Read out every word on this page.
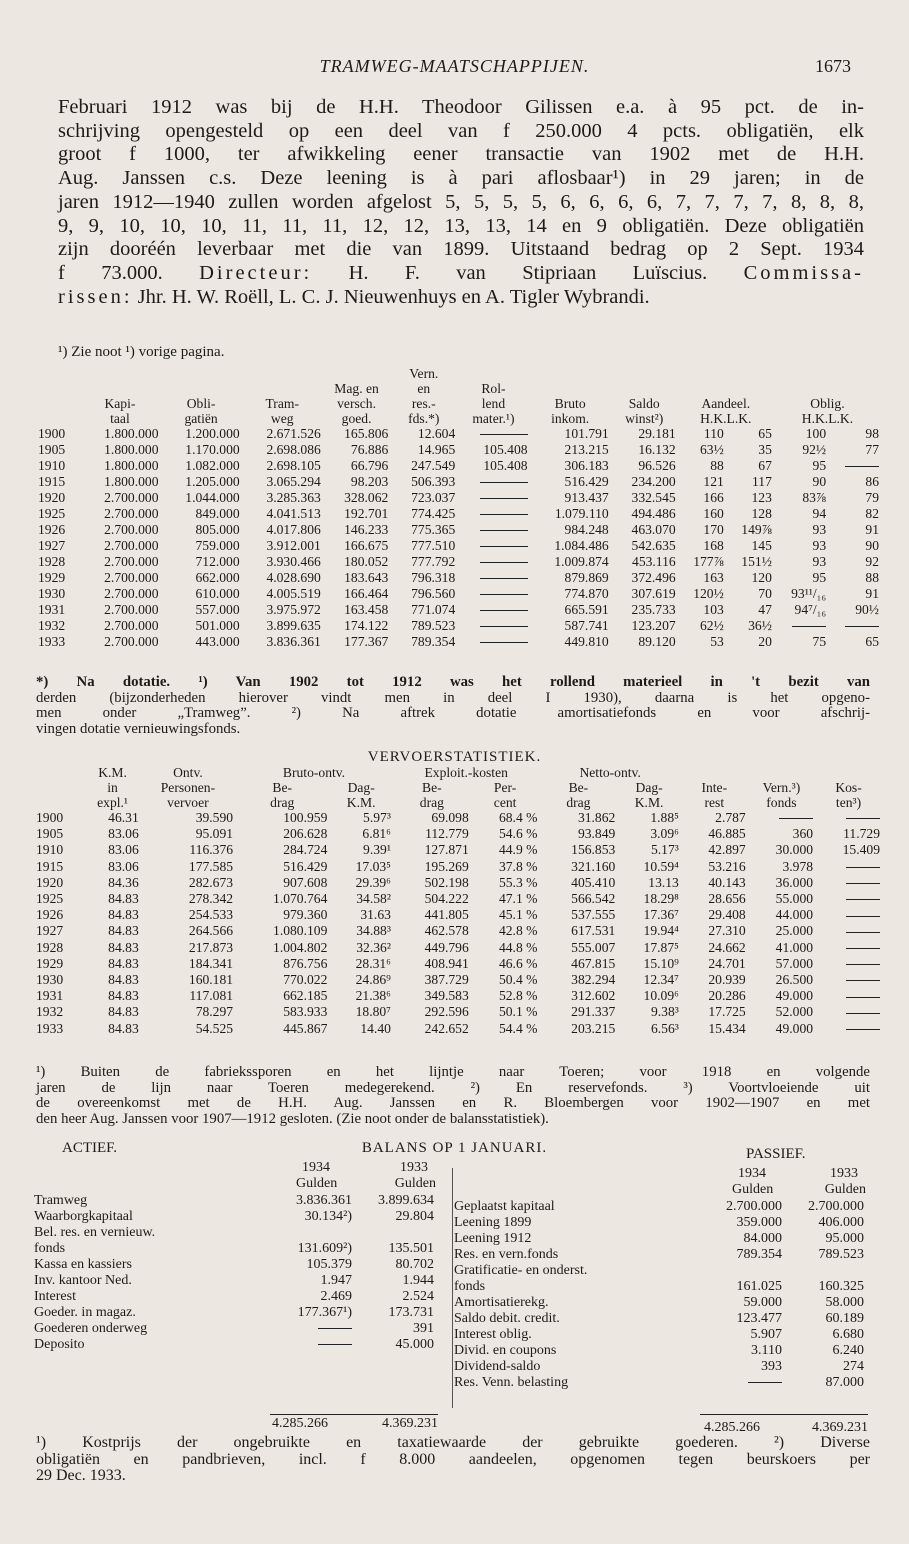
TRAMWEG-MAATSCHAPPIJEN.	1673
Februari 1912 was bij de H.H. Theodoor Gilissen e.a. à 95 pct. de in-
schrijving opengesteld op een deel van f 250.000 4 pcts. obligatiën, elk
groot f 1000, ter afwikkeling eener transactie van 1902 met de H.H.
Aug. Janssen c.s. Deze leening is à pari aflosbaar¹) in 29 jaren; in de
jaren 1912—1940 zullen worden afgelost 5, 5, 5, 5, 6, 6, 6, 6, 7, 7, 7, 7, 8, 8, 8,
9, 9, 10, 10, 10, 11, 11, 11, 12, 12, 13, 13, 14 en 9 obligatiën. Deze obligatiën
zijn dooréén leverbaar met die van 1899. Uitstaand bedrag op 2 Sept. 1934
f 73.000. Directeur: H. F. van Stipriaan Luïscius. Commissa-
rissen: Jhr. H. W. Roëll, L. C. J. Nieuwenhuys en A. Tigler Wybrandi.
¹) Zie noot ¹) vorige pagina.
					Vern.							
				Mag. en	en	Rol-						
	Kapi-	Obli-	Tram-	versch.	res.-	lend	Bruto	Saldo	Aandeel.		Oblig.	
	taal	gatiën	weg	goed.	fds.*)	mater.¹)	inkom.	winst²)	H.K.L.K.		H.K.L.K.	
1900	1.800.000	1.200.000	2.671.526	165.806	12.604		101.791	29.181	110	65	100	98
1905	1.800.000	1.170.000	2.698.086	76.886	14.965	105.408	213.215	16.132	63½	35	92½	77
1910	1.800.000	1.082.000	2.698.105	66.796	247.549	105.408	306.183	96.526	88	67	95	
1915	1.800.000	1.205.000	3.065.294	98.203	506.393		516.429	234.200	121	117	90	86
1920	2.700.000	1.044.000	3.285.363	328.062	723.037		913.437	332.545	166	123	83⅞	79
1925	2.700.000	849.000	4.041.513	192.701	774.425		1.079.110	494.486	160	128	94	82
1926	2.700.000	805.000	4.017.806	146.233	775.365		984.248	463.070	170	149⅞	93	91
1927	2.700.000	759.000	3.912.001	166.675	777.510		1.084.486	542.635	168	145	93	90
1928	2.700.000	712.000	3.930.466	180.052	777.792		1.009.874	453.116	177⅞	151½	93	92
1929	2.700.000	662.000	4.028.690	183.643	796.318		879.869	372.496	163	120	95	88
1930	2.700.000	610.000	4.005.519	166.464	796.560		774.870	307.619	120½	70	93¹¹/₁₆	91
1931	2.700.000	557.000	3.975.972	163.458	771.074		665.591	235.733	103	47	94⁷/₁₆	90½
1932	2.700.000	501.000	3.899.635	174.122	789.523		587.741	123.207	62½	36½		
1933	2.700.000	443.000	3.836.361	177.367	789.354		449.810	89.120	53	20	75	65
*) Na dotatie. ¹) Van 1902 tot 1912 was het rollend materieel in 't bezit van
derden (bijzonderheden hierover vindt men in deel I 1930), daarna is het opgeno-
men onder „Tramweg”. ²) Na aftrek dotatie amortisatiefonds en voor afschrij-
vingen dotatie vernieuwingsfonds.
VERVOERSTATISTIEK.
	K.M.	Ontv.	Bruto-ontv.		Exploit.-kosten		Netto-ontv.				
	in	Personen-	Be-	Dag-	Be-	Per-	Be-	Dag-	Inte-	Vern.³)	Kos-
	expl.¹	vervoer	drag	K.M.	drag	cent	drag	K.M.	rest	fonds	ten³)
1900	46.31	39.590	100.959	5.97³	69.098	68.4 %	31.862	1.88⁵	2.787		
1905	83.06	95.091	206.628	6.81⁶	112.779	54.6 %	93.849	3.09⁶	46.885	360	11.729
1910	83.06	116.376	284.724	9.39¹	127.871	44.9 %	156.853	5.17³	42.897	30.000	15.409
1915	83.06	177.585	516.429	17.03⁵	195.269	37.8 %	321.160	10.59⁴	53.216	3.978	
1920	84.36	282.673	907.608	29.39⁶	502.198	55.3 %	405.410	13.13	40.143	36.000	
1925	84.83	278.342	1.070.764	34.58²	504.222	47.1 %	566.542	18.29⁸	28.656	55.000	
1926	84.83	254.533	979.360	31.63	441.805	45.1 %	537.555	17.36⁷	29.408	44.000	
1927	84.83	264.566	1.080.109	34.88³	462.578	42.8 %	617.531	19.94⁴	27.310	25.000	
1928	84.83	217.873	1.004.802	32.36²	449.796	44.8 %	555.007	17.87⁵	24.662	41.000	
1929	84.83	184.341	876.756	28.31⁶	408.941	46.6 %	467.815	15.10⁹	24.701	57.000	
1930	84.83	160.181	770.022	24.86⁹	387.729	50.4 %	382.294	12.34⁷	20.939	26.500	
1931	84.83	117.081	662.185	21.38⁶	349.583	52.8 %	312.602	10.09⁶	20.286	49.000	
1932	84.83	78.297	583.933	18.80⁷	292.596	50.1 %	291.337	9.38³	17.725	52.000	
1933	84.83	54.525	445.867	14.40	242.652	54.4 %	203.215	6.56³	15.434	49.000	
¹) Buiten de fabriekssporen en het lijntje naar Toeren; voor 1918 en volgende
jaren de lijn naar Toeren medegerekend. ²) En reservefonds. ³) Voortvloeiende uit
de overeenkomst met de H.H. Aug. Janssen en R. Bloembergen voor 1902—1907 en met
den heer Aug. Janssen voor 1907—1912 gesloten. (Zie noot onder de balansstatistiek).
ACTIEF.	BALANS OP 1 JANUARI.	PASSIEF.
1934	1933
Gulden	Gulden
1934	1933
Gulden	Gulden
Tramweg	3.836.361	3.899.634
Waarborgkapitaal	30.134²)	29.804
Bel. res. en vernieuw.		
fonds	131.609²)	135.501
Kassa en kassiers	105.379	80.702
Inv. kantoor Ned.	1.947	1.944
Interest	2.469	2.524
Goeder. in magaz.	177.367¹)	173.731
Goederen onderweg		391
Deposito		45.000
Geplaatst kapitaal	2.700.000	2.700.000
Leening 1899	359.000	406.000
Leening 1912	84.000	95.000
Res. en vern.fonds	789.354	789.523
Gratificatie- en onderst.		
fonds	161.025	160.325
Amortisatierekg.	59.000	58.000
Saldo debit. credit.	123.477	60.189
Interest oblig.	5.907	6.680
Divid. en coupons	3.110	6.240
Dividend-saldo	393	274
Res. Venn. belasting		87.000
4.285.266	4.369.231	4.285.266	4.369.231
¹) Kostprijs der ongebruikte en taxatiewaarde der gebruikte goederen. ²) Diverse
obligatiën en pandbrieven, incl. f 8.000 aandeelen, opgenomen tegen beurskoers per
29 Dec. 1933.
